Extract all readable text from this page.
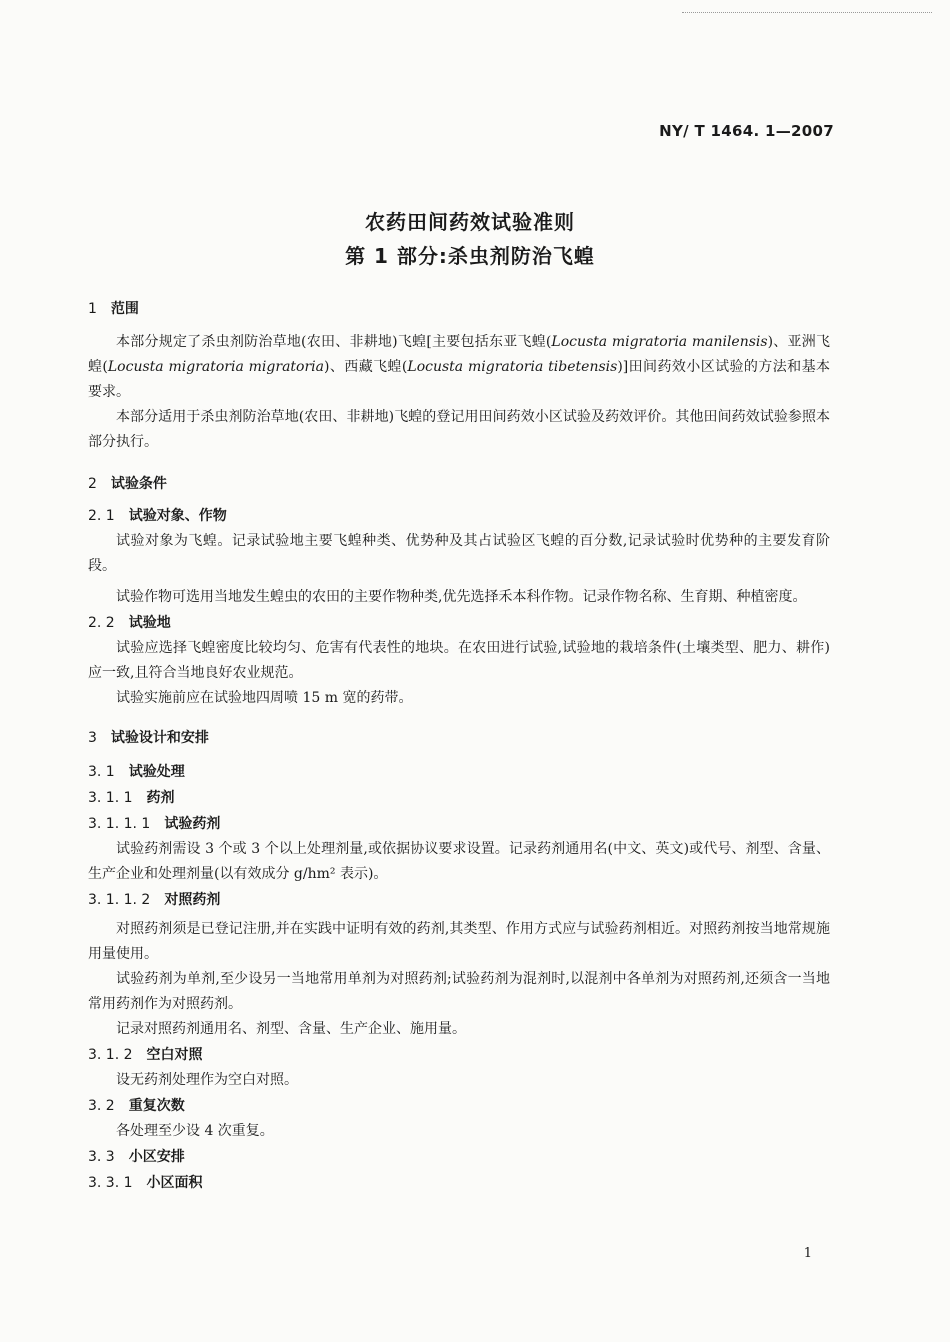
NY/ T 1464. 1—2007
农药田间药效试验准则
第 1 部分:杀虫剂防治飞蝗
1 范围

本部分规定了杀虫剂防治草地(农田、非耕地)飞蝗[主要包括东亚飞蝗(Locusta migratoria manilensis)、亚洲飞蝗(Locusta migratoria migratoria)、西藏飞蝗(Locusta migratoria tibetensis)]田间药效小区试验的方法和基本要求。

本部分适用于杀虫剂防治草地(农田、非耕地)飞蝗的登记用田间药效小区试验及药效评价。其他田间药效试验参照本部分执行。

2 试验条件
2. 1 试验对象、作物

试验对象为飞蝗。记录试验地主要飞蝗种类、优势种及其占试验区飞蝗的百分数,记录试验时优势种的主要发育阶段。

试验作物可选用当地发生蝗虫的农田的主要作物种类,优先选择禾本科作物。记录作物名称、生育期、种植密度。

2. 2 试验地

试验应选择飞蝗密度比较均匀、危害有代表性的地块。在农田进行试验,试验地的栽培条件(土壤类型、肥力、耕作)应一致,且符合当地良好农业规范。

试验实施前应在试验地四周喷 15 m 宽的药带。

3 试验设计和安排
3. 1 试验处理
3. 1. 1 药剂
3. 1. 1. 1 试验药剂

试验药剂需设 3 个或 3 个以上处理剂量,或依据协议要求设置。记录药剂通用名(中文、英文)或代号、剂型、含量、生产企业和处理剂量(以有效成分 g/hm² 表示)。

3. 1. 1. 2 对照药剂

对照药剂须是已登记注册,并在实践中证明有效的药剂,其类型、作用方式应与试验药剂相近。对照药剂按当地常规施用量使用。

试验药剂为单剂,至少设另一当地常用单剂为对照药剂;试验药剂为混剂时,以混剂中各单剂为对照药剂,还须含一当地常用药剂作为对照药剂。

记录对照药剂通用名、剂型、含量、生产企业、施用量。

3. 1. 2 空白对照

设无药剂处理作为空白对照。

3. 2 重复次数

各处理至少设 4 次重复。

3. 3 小区安排
3. 3. 1 小区面积
1
